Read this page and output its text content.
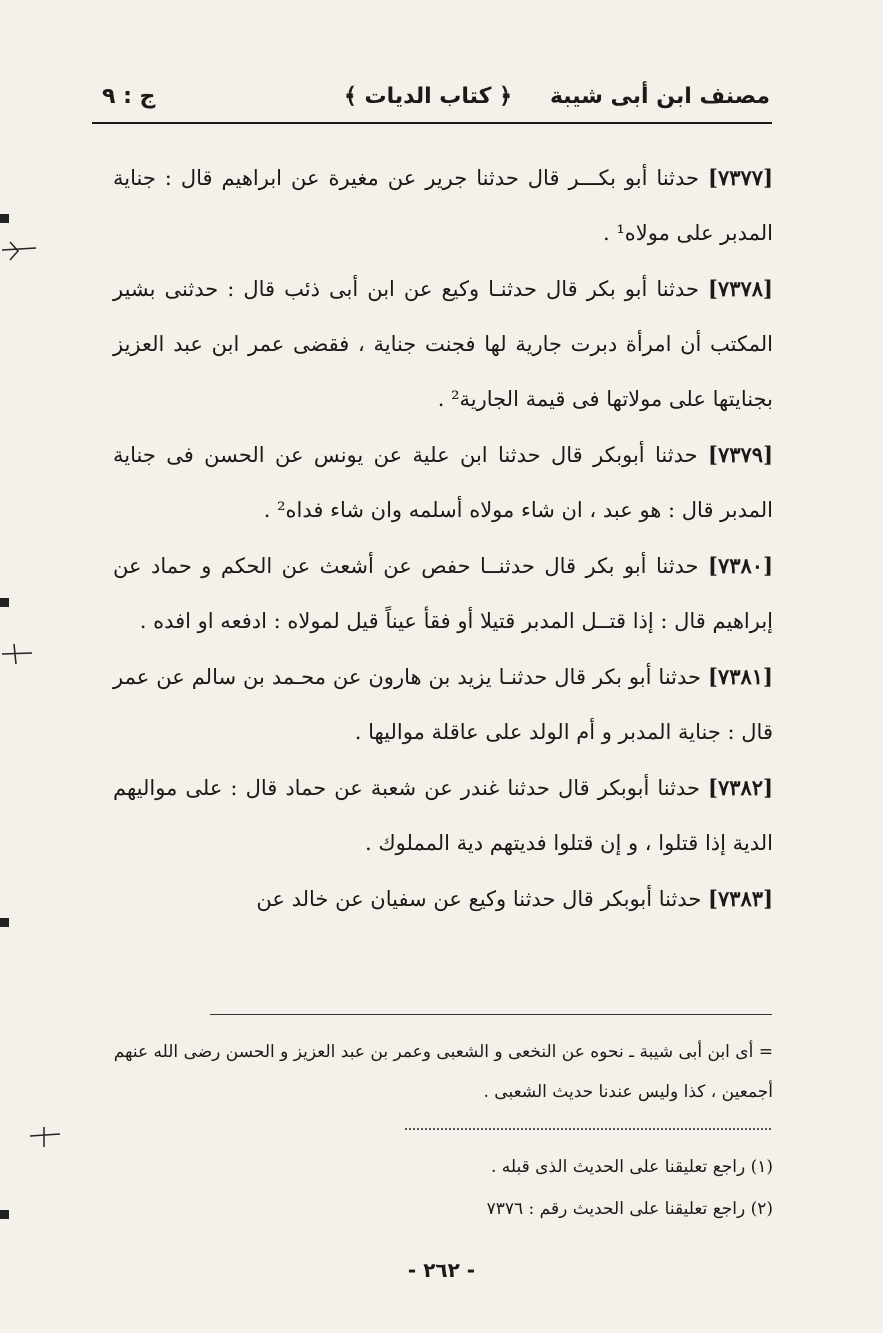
مصنف ابن أبى شيبة
﴿ كتاب الديات ﴾
ج : ٩

[٧٣٧٧] حدثنا أبو بكـــر قال حدثنا جرير عن مغيرة عن ابراهيم قال : جناية المدبر على مولاه¹ .

[٧٣٧٨] حدثنا أبو بكر قال حدثنـا وكيع عن ابن أبى ذئب قال : حدثنى بشير المكتب أن امرأة دبرت جارية لها فجنت جناية ، فقضى عمر ابن عبد العزيز بجنايتها على مولاتها فى قيمة الجارية² .

[٧٣٧٩] حدثنا أبوبكر قال حدثنا ابن علية عن يونس عن الحسن فى جناية المدبر قال : هو عبد ، ان شاء مولاه أسلمه وان شاء فداه² .

[٧٣٨٠] حدثنا أبو بكر قال حدثنــا حفص عن أشعث عن الحكم و حماد عن إبراهيم قال : إذا قتــل المدبر قتيلا أو فقأ عيناً قيل لمولاه : ادفعه او افده .

[٧٣٨١] حدثنا أبو بكر قال حدثنـا يزيد بن هارون عن محـمد بن سالم عن عمر قال : جناية المدبر و أم الولد على عاقلة مواليها .

[٧٣٨٢] حدثنا أبوبكر قال حدثنا غندر عن شعبة عن حماد قال : على مواليهم الدية إذا قتلوا ، و إن قتلوا فديتهم دية المملوك .

[٧٣٨٣] حدثنا أبوبكر قال حدثنا وكيع عن سفيان عن خالد عن

= أى ابن أبى شيبة ـ نحوه عن النخعى و الشعبى وعمر بن عبد العزيز و الحسن رضى الله عنهم أجمعين ، كذا وليس عندنا حديث الشعبى .
(١) راجع تعليقنا على الحديث الذى قبله .
(٢) راجع تعليقنا على الحديث رقم : ٧٣٧٦
- ٢٦٢ -
